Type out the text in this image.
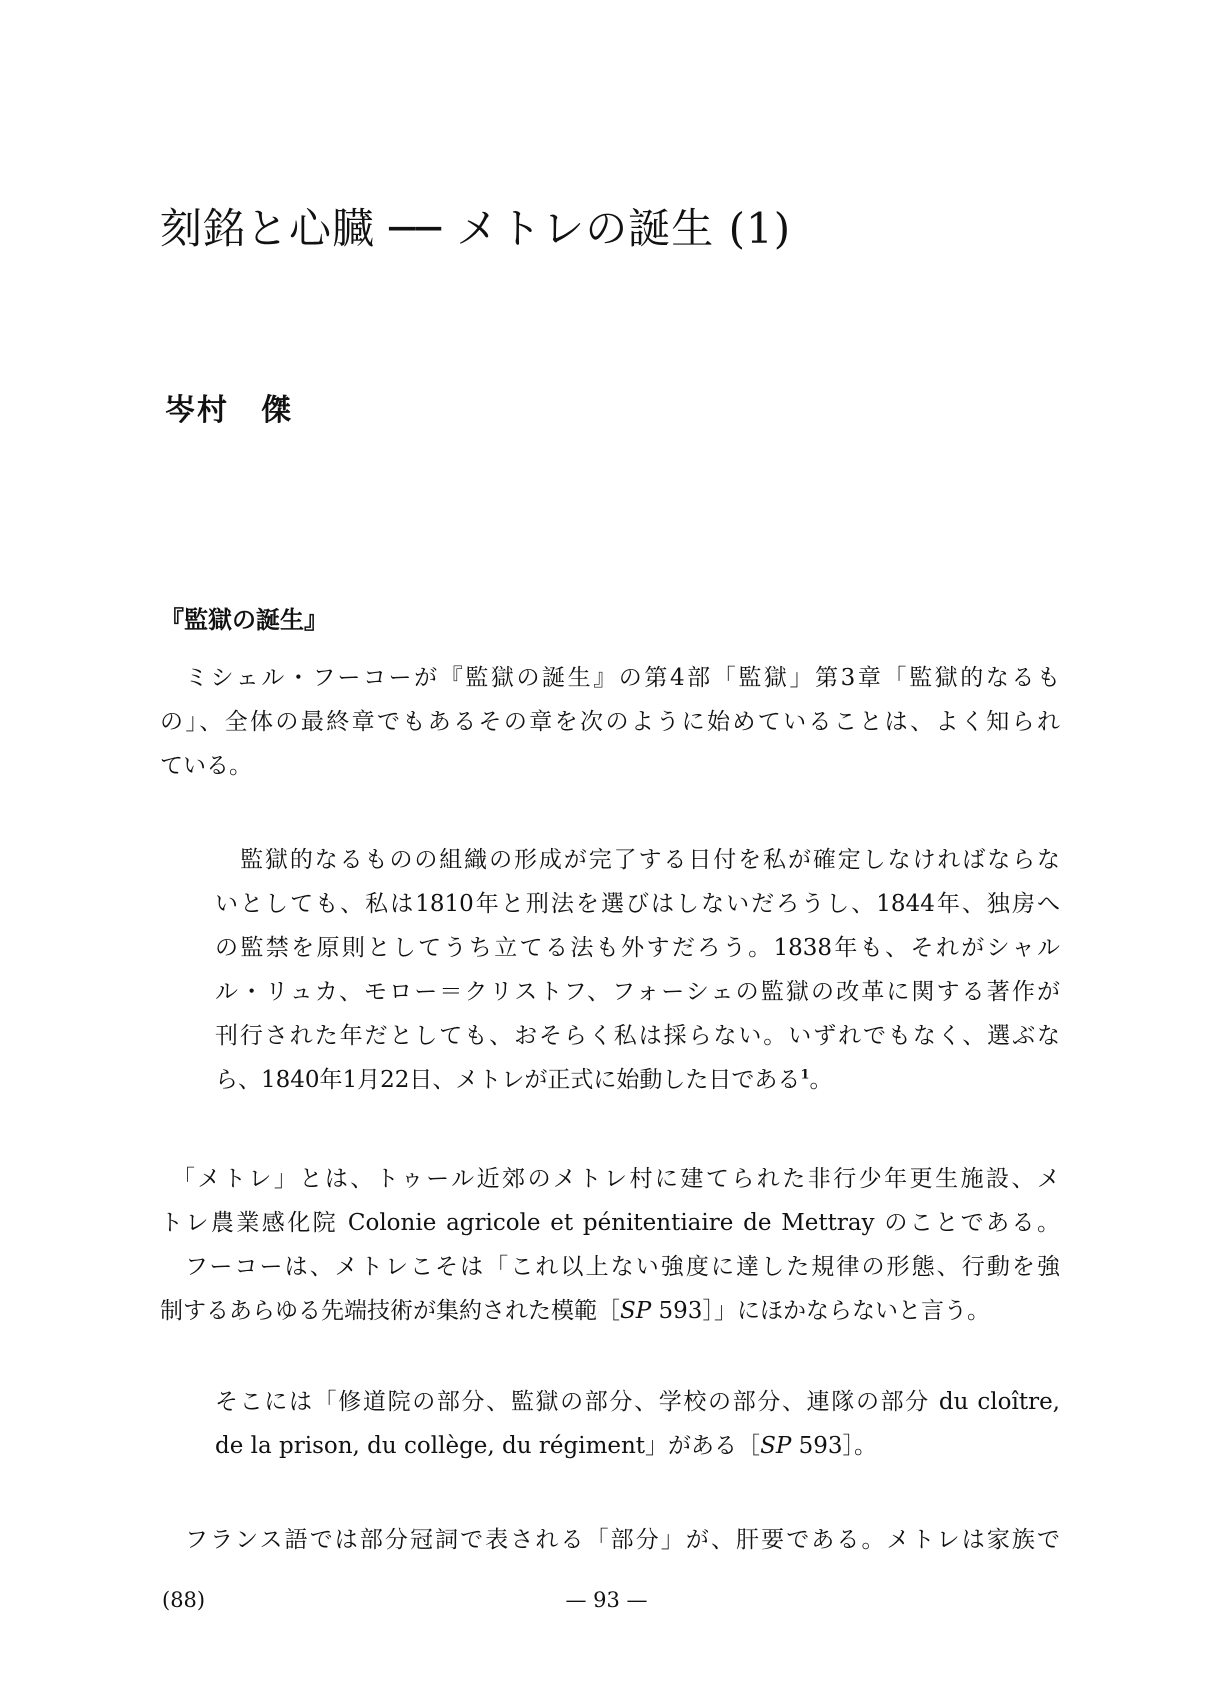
刻銘と心臓 ── メトレの誕生 (1)
岑村　傑
『監獄の誕生』
ミシェル・フーコーが『監獄の誕生』の第4部「監獄」第3章「監獄的なるも
の」、全体の最終章でもあるその章を次のように始めていることは、よく知られ
ている。
監獄的なるものの組織の形成が完了する日付を私が確定しなければならな
いとしても、私は1810年と刑法を選びはしないだろうし、1844年、独房へ
の監禁を原則としてうち立てる法も外すだろう。1838年も、それがシャル
ル・リュカ、モロー＝クリストフ、フォーシェの監獄の改革に関する著作が
刊行された年だとしても、おそらく私は採らない。いずれでもなく、選ぶな
ら、1840年1月22日、メトレが正式に始動した日である$^1$。
「メトレ」とは、トゥール近郊のメトレ村に建てられた非行少年更生施設、メ
トレ農業感化院 Colonie agricole et pénitentiaire de Mettray のことである。
フーコーは、メトレこそは「これ以上ない強度に達した規律の形態、行動を強
制するあらゆる先端技術が集約された模範［SP 593］」にほかならないと言う。
そこには「修道院の部分、監獄の部分、学校の部分、連隊の部分 du cloître,
de la prison, du collège, du régiment」がある［SP 593］。
フランス語では部分冠詞で表される「部分」が、肝要である。メトレは家族で

(88)	— 93 —
